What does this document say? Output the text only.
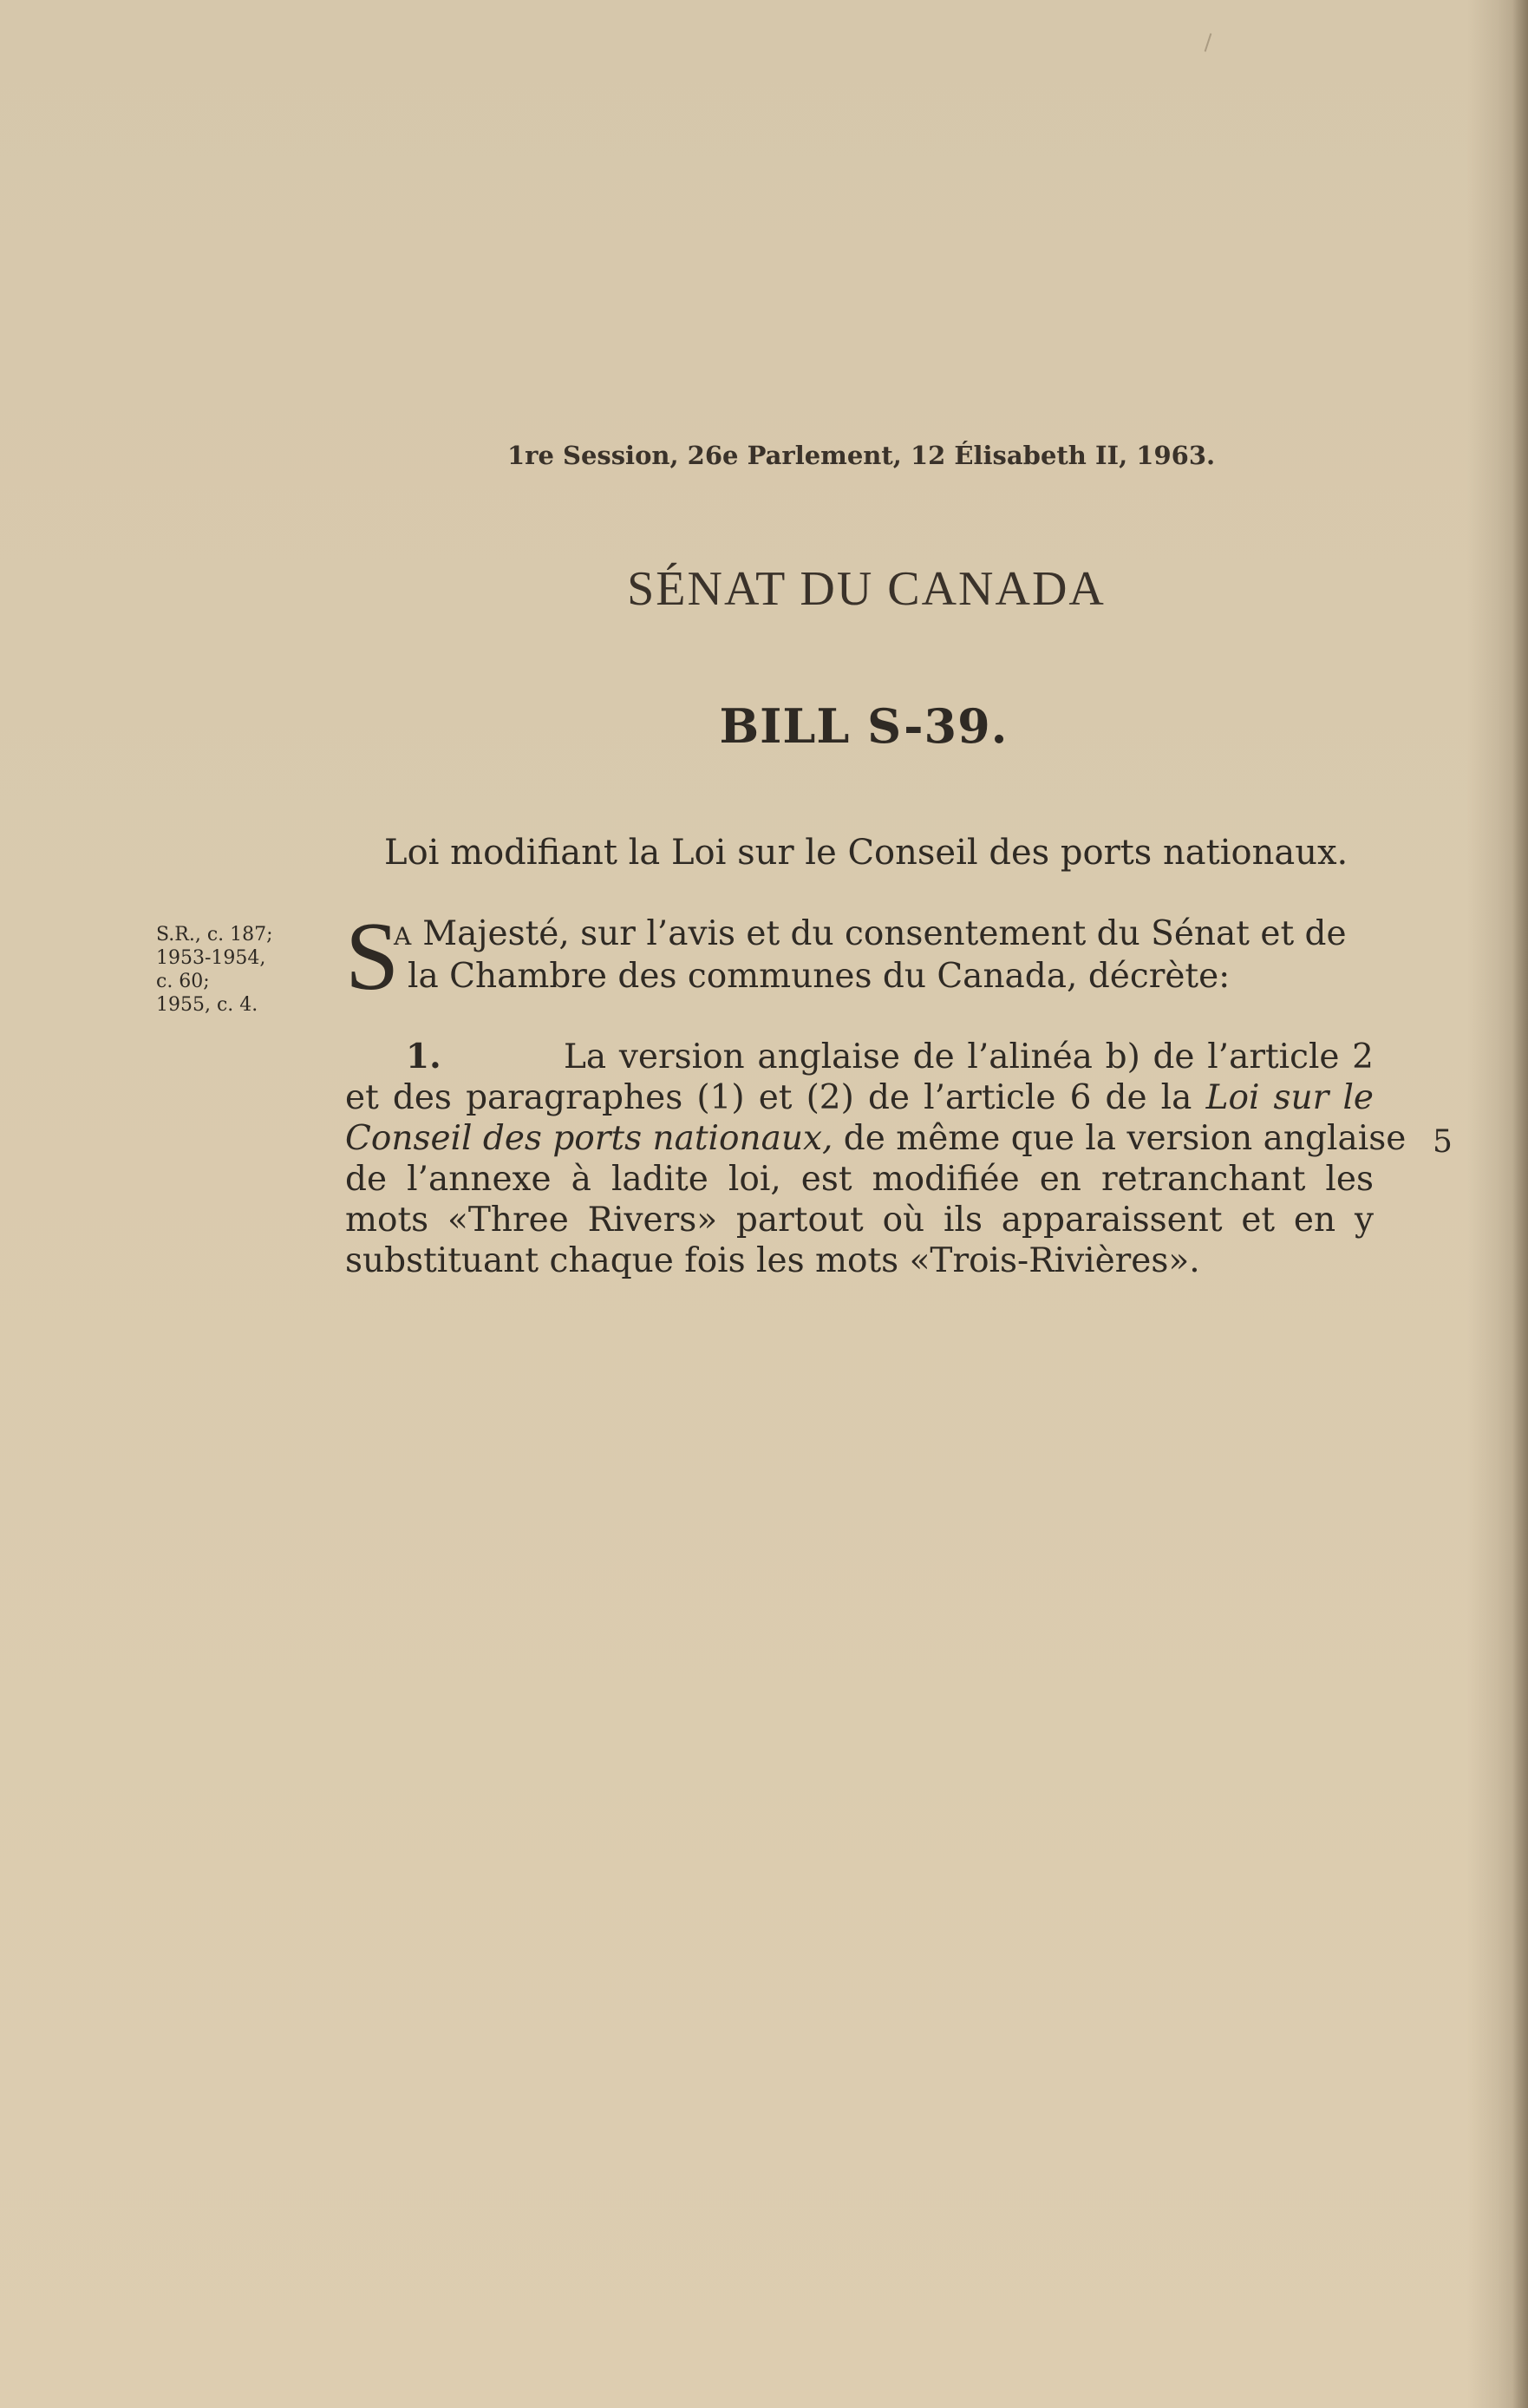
1re Session, 26e Parlement, 12 Élisabeth II, 1963.
SÉNAT DU CANADA
BILL S-39.
Loi modifiant la Loi sur le Conseil des ports nationaux.
S.R., c. 187;
1953-1954,
c. 60;
1955, c. 4. S
A Majesté, sur l’avis et du consentement du Sénat et de
la Chambre des communes du Canada, décrète:
1.	La version anglaise de l’alinéa b) de l’article 2
et des paragraphes (1) et (2) de l’article 6 de la Loi sur le
Conseil des ports nationaux, de même que la version anglaise
de l’annexe à ladite loi, est modifiée en retranchant les
mots «Three Rivers» partout où ils apparaissent et en y
substituant chaque fois les mots «Trois-Rivières».
5
